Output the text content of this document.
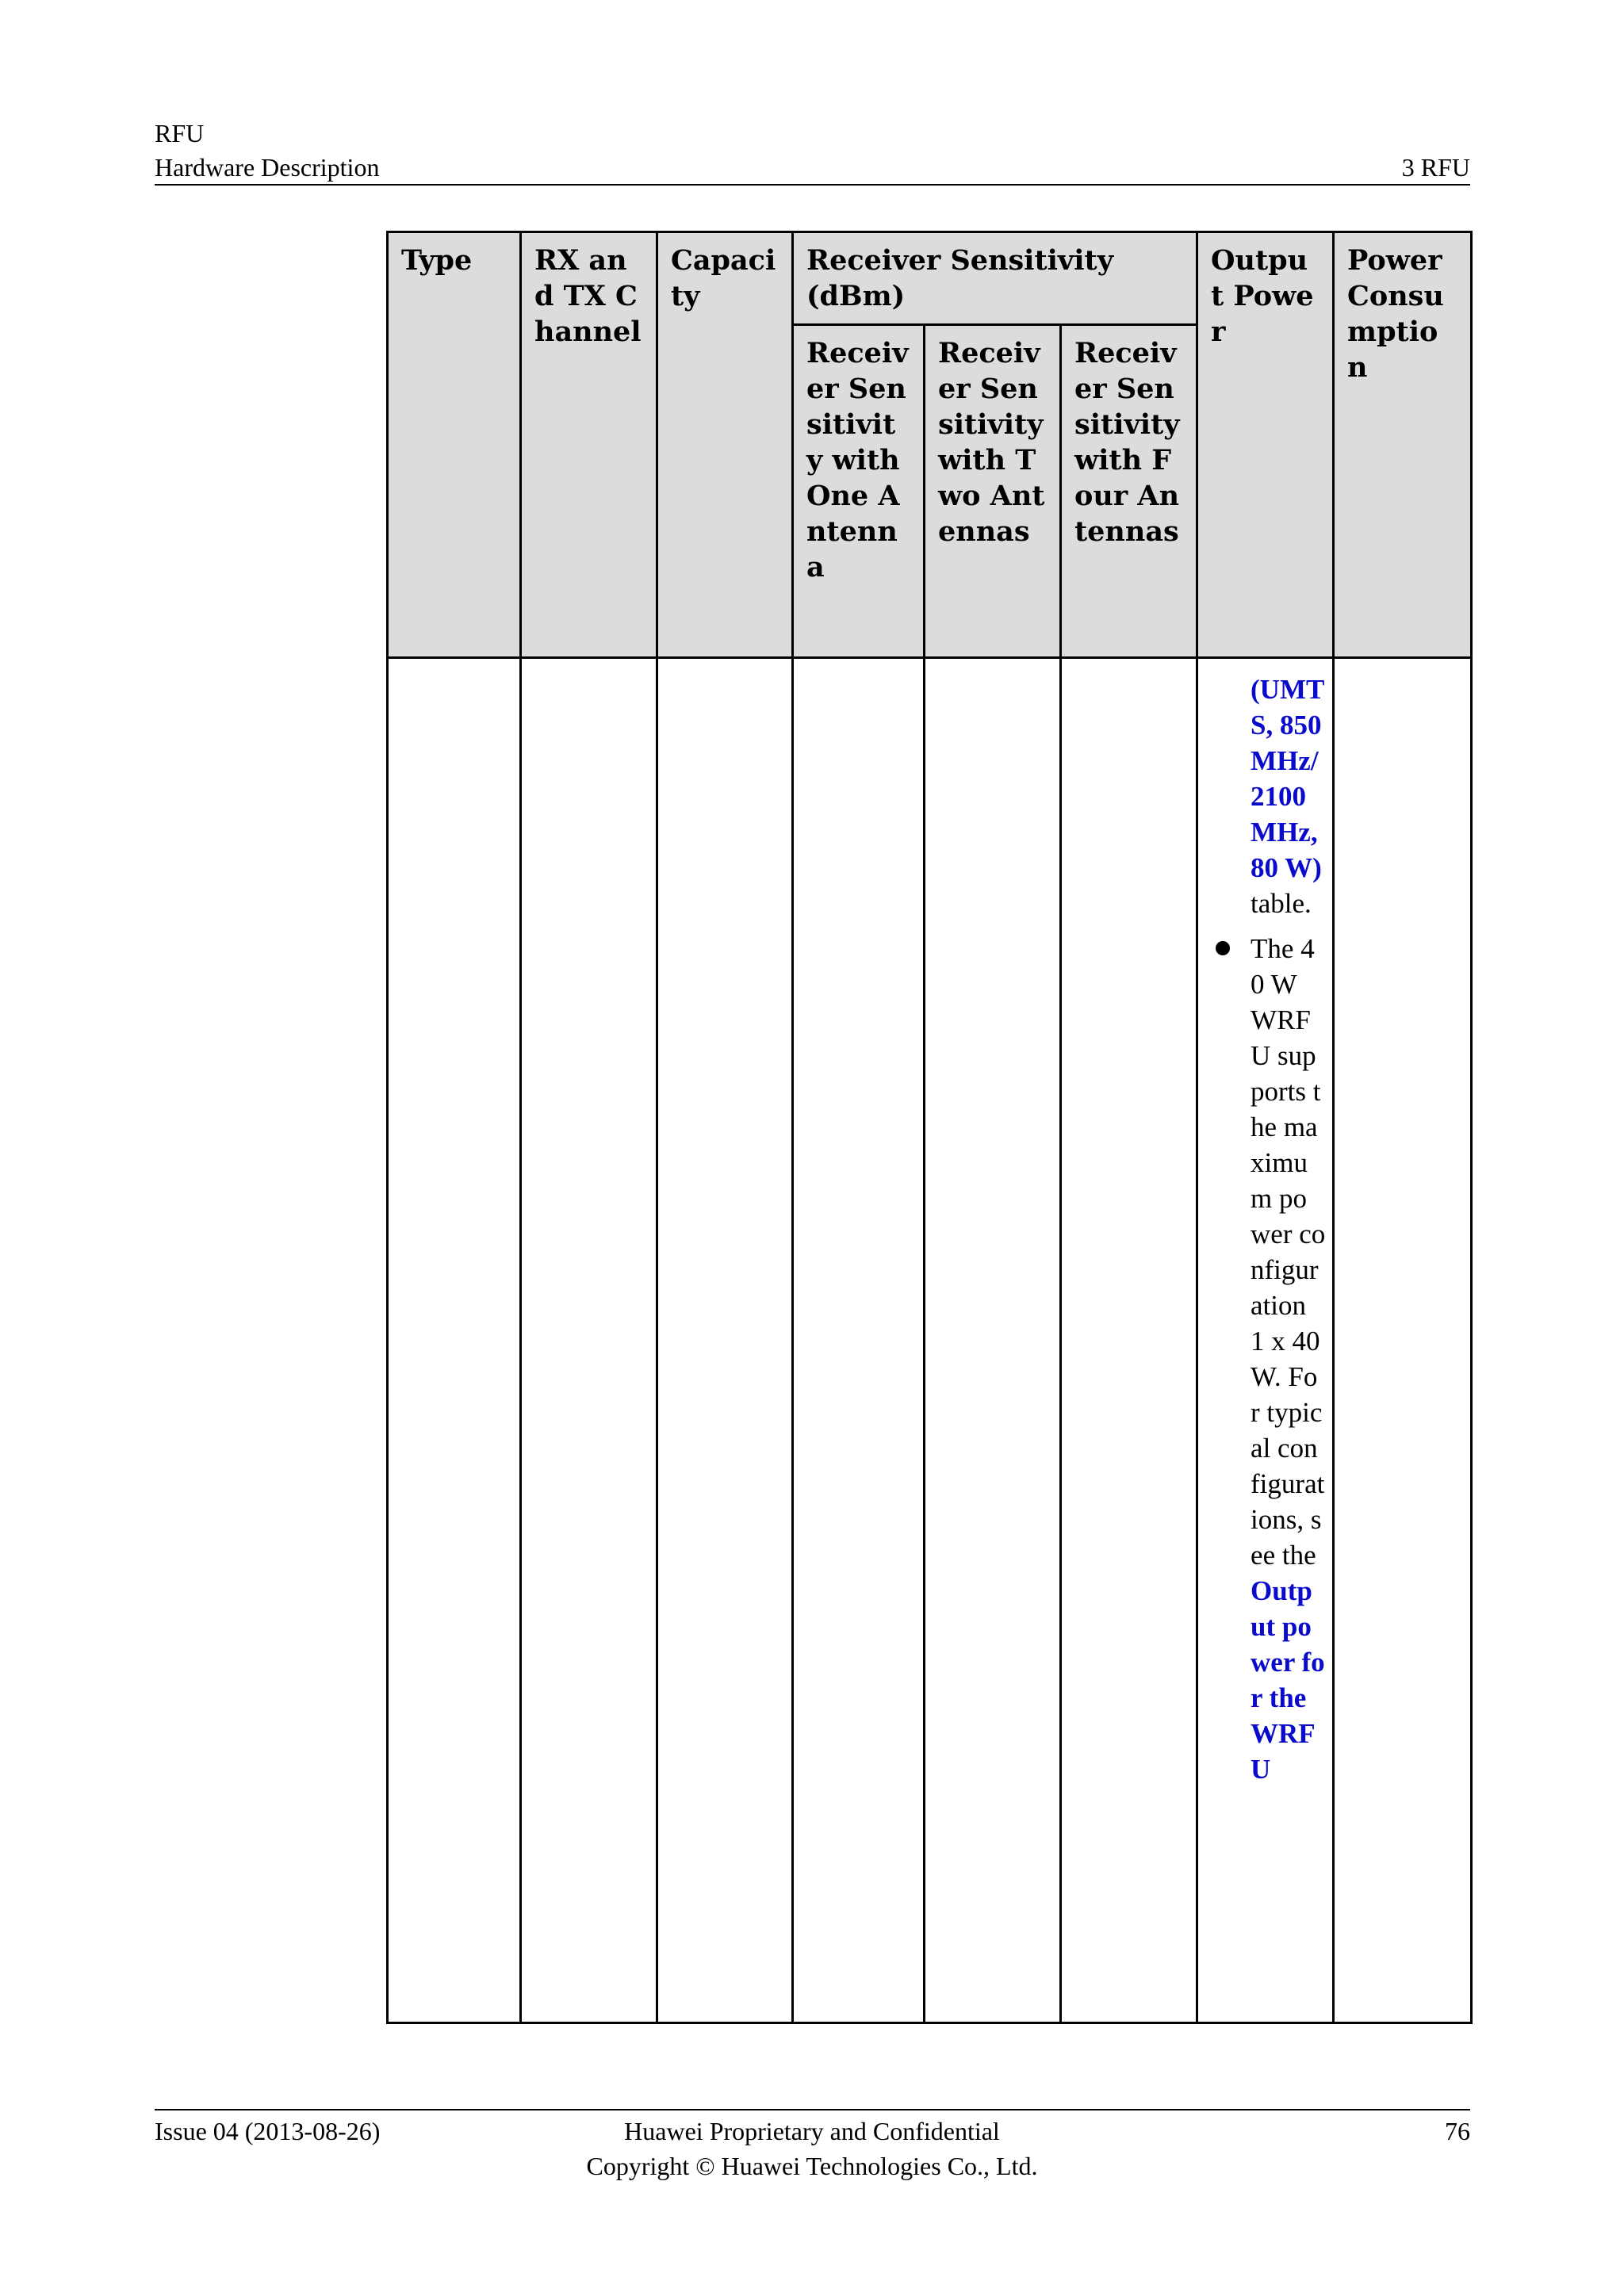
RFU
Hardware Description	3 RFU
Type	RX and TX Channel	Capacity	Receiver Sensitivity (dBm)			Output Power	Power Consumption
			Receiver Sensitivity with One Antenna	Receiver Sensitivity with Two Antennas	Receiver Sensitivity with Four Antennas		

						(UMTS, 850 MHz/2100 MHz, 80 W) table.
The 40 W WRFU supports the maximum power configuration 1 x 40 W. For typical configurations, see the Output power for the WRFU	

Issue 04 (2013-08-26)	Huawei Proprietary and Confidential
Copyright © Huawei Technologies Co., Ltd.
76
